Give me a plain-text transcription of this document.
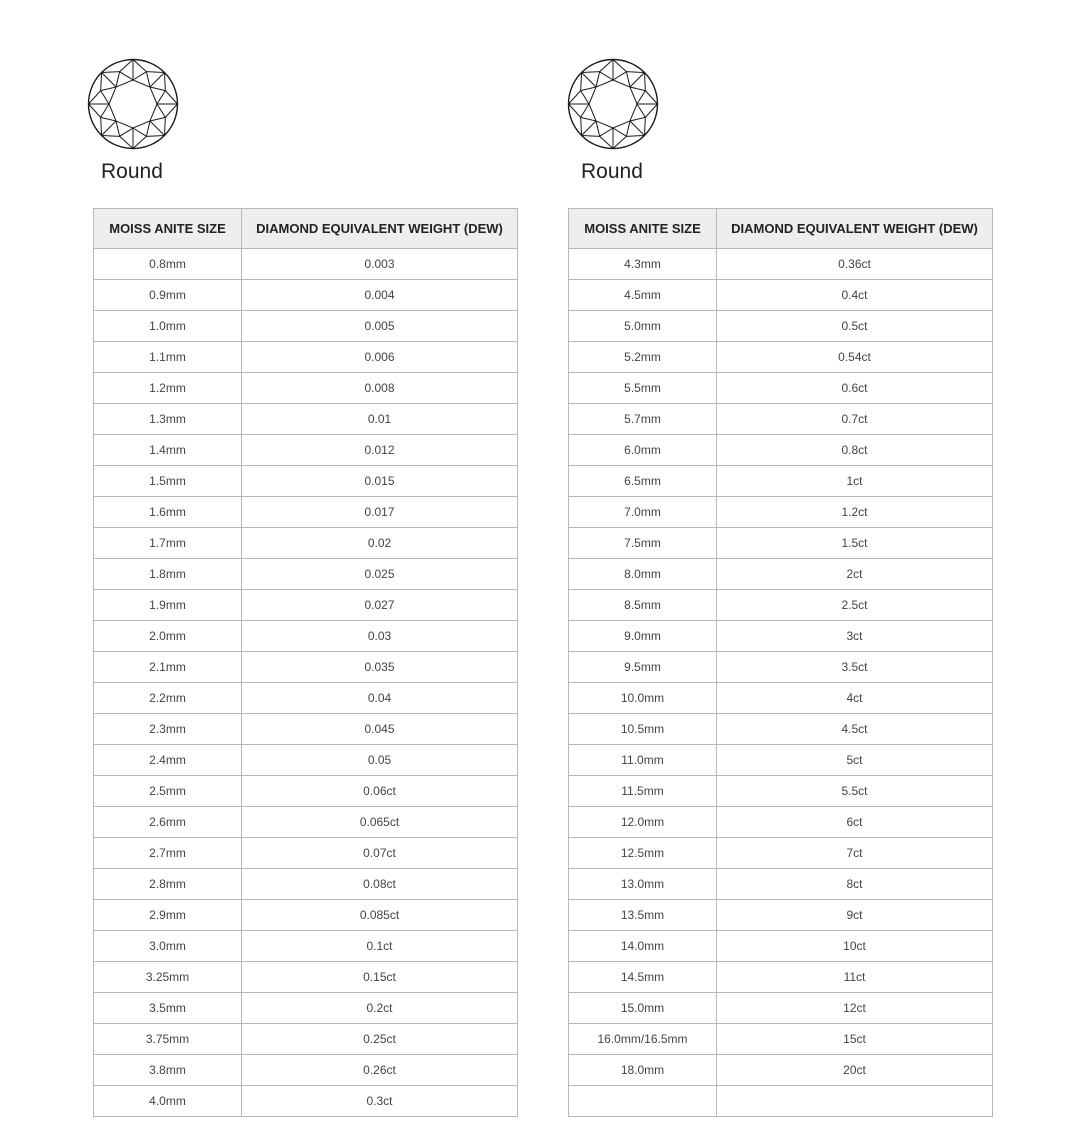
Round
MOISS ANITE SIZE	DIAMOND EQUIVALENT WEIGHT (DEW)
0.8mm	0.003
0.9mm	0.004
1.0mm	0.005
1.1mm	0.006
1.2mm	0.008
1.3mm	0.01
1.4mm	0.012
1.5mm	0.015
1.6mm	0.017
1.7mm	0.02
1.8mm	0.025
1.9mm	0.027
2.0mm	0.03
2.1mm	0.035
2.2mm	0.04
2.3mm	0.045
2.4mm	0.05
2.5mm	0.06ct
2.6mm	0.065ct
2.7mm	0.07ct
2.8mm	0.08ct
2.9mm	0.085ct
3.0mm	0.1ct
3.25mm	0.15ct
3.5mm	0.2ct
3.75mm	0.25ct
3.8mm	0.26ct
4.0mm	0.3ct
Round
MOISS ANITE SIZE	DIAMOND EQUIVALENT WEIGHT (DEW)
4.3mm	0.36ct
4.5mm	0.4ct
5.0mm	0.5ct
5.2mm	0.54ct
5.5mm	0.6ct
5.7mm	0.7ct
6.0mm	0.8ct
6.5mm	1ct
7.0mm	1.2ct
7.5mm	1.5ct
8.0mm	2ct
8.5mm	2.5ct
9.0mm	3ct
9.5mm	3.5ct
10.0mm	4ct
10.5mm	4.5ct
11.0mm	5ct
11.5mm	5.5ct
12.0mm	6ct
12.5mm	7ct
13.0mm	8ct
13.5mm	9ct
14.0mm	10ct
14.5mm	11ct
15.0mm	12ct
16.0mm/16.5mm	15ct
18.0mm	20ct
